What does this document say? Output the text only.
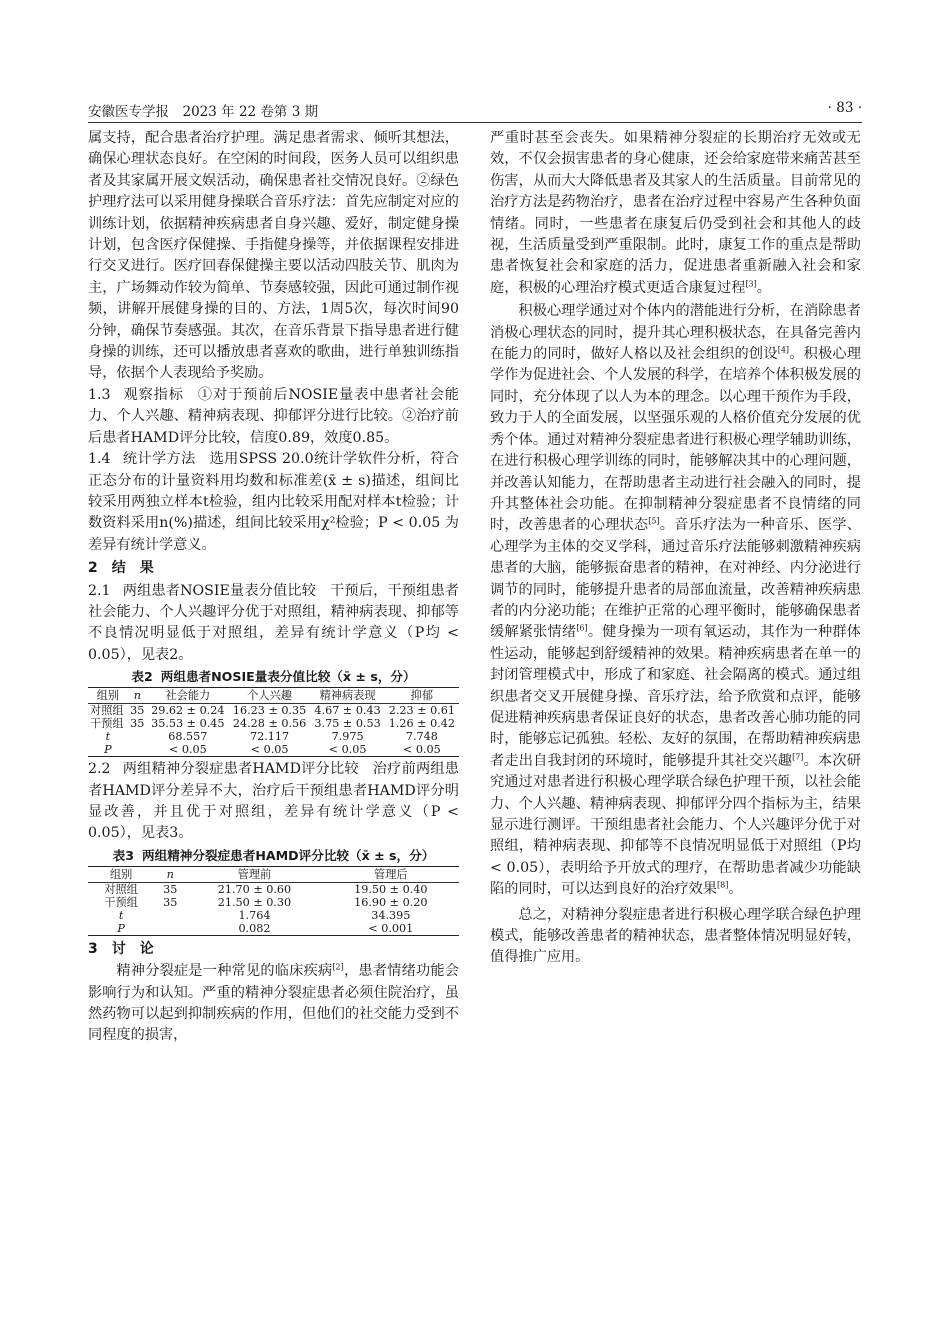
安徽医专学报　2023 年 22 卷第 3 期	· 83 ·

属支持，配合患者治疗护理。满足患者需求、倾听其想法，确保心理状态良好。在空闲的时间段，医务人员可以组织患者及其家属开展文娱活动，确保患者社交情况良好。②绿色护理疗法可以采用健身操联合音乐疗法：首先应制定对应的训练计划，依据精神疾病患者自身兴趣、爱好，制定健身操计划，包含医疗保健操、手指健身操等，并依据课程安排进行交叉进行。医疗回春保健操主要以活动四肢关节、肌肉为主，广场舞动作较为简单、节奏感较强，因此可通过制作视频，讲解开展健身操的目的、方法，1周5次，每次时间90分钟，确保节奏感强。其次，在音乐背景下指导患者进行健身操的训练，还可以播放患者喜欢的歌曲，进行单独训练指导，依据个人表现给予奖励。

1.3 观察指标 ①对于预前后NOSIE量表中患者社会能力、个人兴趣、精神病表现、抑郁评分进行比较。②治疗前后患者HAMD评分比较，信度0.89，效度0.85。

1.4 统计学方法 选用SPSS 20.0统计学软件分析，符合正态分布的计量资料用均数和标准差(x̄ ± s)描述，组间比较采用两独立样本t检验，组内比较采用配对样本t检验；计数资料采用n(%)描述，组间比较采用χ²检验；P < 0.05 为差异有统计学意义。

2 结　果

2.1 两组患者NOSIE量表分值比较 干预后，干预组患者社会能力、个人兴趣评分优于对照组，精神病表现、抑郁等不良情况明显低于对照组，差异有统计学意义（P均 < 0.05），见表2。

表2 两组患者NOSIE量表分值比较（x̄ ± s，分）
组别	n	社会能力	个人兴趣	精神病表现	抑郁
对照组	35	29.62 ± 0.24	16.23 ± 0.35	4.67 ± 0.43	2.23 ± 0.61
干预组	35	35.53 ± 0.45	24.28 ± 0.56	3.75 ± 0.53	1.26 ± 0.42
t		68.557	72.117	7.975	7.748
P		< 0.05	< 0.05	< 0.05	< 0.05

2.2 两组精神分裂症患者HAMD评分比较 治疗前两组患者HAMD评分差异不大，治疗后干预组患者HAMD评分明显改善，并且优于对照组，差异有统计学意义（P < 0.05），见表3。

表3 两组精神分裂症患者HAMD评分比较（x̄ ± s，分）
组别	n	管理前	管理后
对照组	35	21.70 ± 0.60	19.50 ± 0.40
干预组	35	21.50 ± 0.30	16.90 ± 0.20
t		1.764	34.395
P		0.082	< 0.001
3 讨　论

精神分裂症是一种常见的临床疾病[2]，患者情绪功能会影响行为和认知。严重的精神分裂症患者必须住院治疗，虽然药物可以起到抑制疾病的作用，但他们的社交能力受到不同程度的损害，

严重时甚至会丧失。如果精神分裂症的长期治疗无效或无效，不仅会损害患者的身心健康，还会给家庭带来痛苦甚至伤害，从而大大降低患者及其家人的生活质量。目前常见的治疗方法是药物治疗，患者在治疗过程中容易产生各种负面情绪。同时，一些患者在康复后仍受到社会和其他人的歧视，生活质量受到严重限制。此时，康复工作的重点是帮助患者恢复社会和家庭的活力，促进患者重新融入社会和家庭，积极的心理治疗模式更适合康复过程[3]。

积极心理学通过对个体内的潜能进行分析，在消除患者消极心理状态的同时，提升其心理积极状态，在具备完善内在能力的同时，做好人格以及社会组织的创设[4]。积极心理学作为促进社会、个人发展的科学，在培养个体积极发展的同时，充分体现了以人为本的理念。以心理干预作为手段，致力于人的全面发展，以坚强乐观的人格价值充分发展的优秀个体。通过对精神分裂症患者进行积极心理学辅助训练，在进行积极心理学训练的同时，能够解决其中的心理问题，并改善认知能力，在帮助患者主动进行社会融入的同时，提升其整体社会功能。在抑制精神分裂症患者不良情绪的同时，改善患者的心理状态[5]。音乐疗法为一种音乐、医学、心理学为主体的交叉学科，通过音乐疗法能够刺激精神疾病患者的大脑，能够振奋患者的精神，在对神经、内分泌进行调节的同时，能够提升患者的局部血流量，改善精神疾病患者的内分泌功能；在维护正常的心理平衡时，能够确保患者缓解紧张情绪[6]。健身操为一项有氧运动，其作为一种群体性运动，能够起到舒缓精神的效果。精神疾病患者在单一的封闭管理模式中，形成了和家庭、社会隔离的模式。通过组织患者交叉开展健身操、音乐疗法，给予欣赏和点评，能够促进精神疾病患者保证良好的状态，患者改善心肺功能的同时，能够忘记孤独。轻松、友好的氛围，在帮助精神疾病患者走出自我封闭的环境时，能够提升其社交兴趣[7]。本次研究通过对患者进行积极心理学联合绿色护理干预，以社会能力、个人兴趣、精神病表现、抑郁评分四个指标为主，结果显示进行测评。干预组患者社会能力、个人兴趣评分优于对照组，精神病表现、抑郁等不良情况明显低于对照组（P均 < 0.05），表明给予开放式的理疗，在帮助患者减少功能缺陷的同时，可以达到良好的治疗效果[8]。

总之，对精神分裂症患者进行积极心理学联合绿色护理模式，能够改善患者的精神状态，患者整体情况明显好转，值得推广应用。
